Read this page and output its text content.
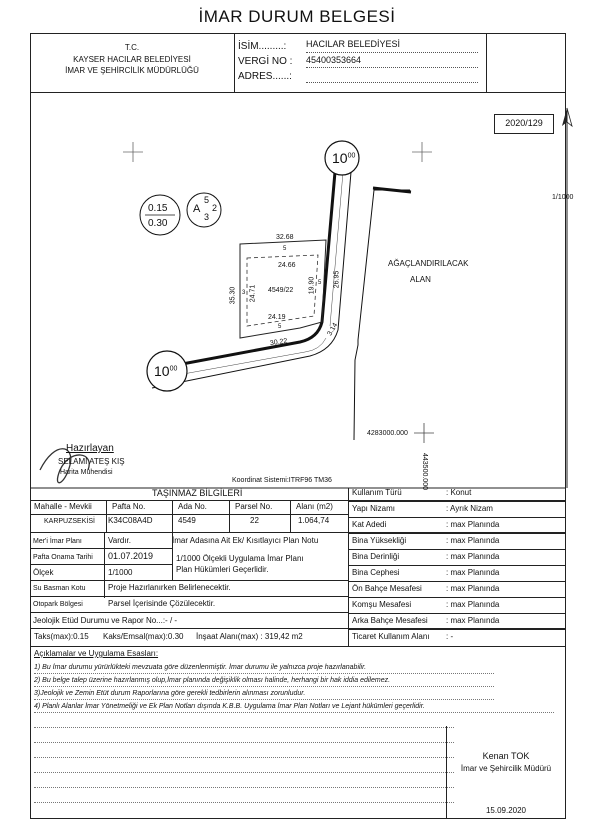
İMAR DURUM BELGESİ
T.C.
KAYSER HACILAR BELEDİYESİ
İMAR VE ŞEHİRCİLİK MÜDÜRLÜĞÜ
İSİM.........: HACILAR BELEDİYESİ
VERGİ NO : 45400353664
ADRES......:
2020/129
1/1000
$10^{00}$
$10^{00}$
0.15
0.30
A
5
3
2
AĞAÇLANDIRILACAK
ALAN
32.68
5
24.66
4549/22
35.30 3 24.71	19.90 5 26.95
24.19
5
30.22
3.14
4283000.000
443500.000
Koordinat Sistemi:ITRF96 TM36
Hazırlayan
SELAMİ ATEŞ KIŞ
Harita Mühendisi
TAŞINMAZ BİLGİLERİ
Mahalle - Mevkii	Pafta No.	Ada No.	Parsel No.	Alanı (m2)
KARPUZSEKİSİ K34C08A4D	4549	22	1.064,74
Mer'i İmar Planı	Vardır.	İmar Adasına Ait Ek/ Kısıtlayıcı Plan Notu
Pafta Onama Tarihi 01.07.2019	1/1000 Ölçekli Uygulama İmar Planı
Plan Hükümleri Geçerlidir.
Ölçek	1/1000
Su Basman Kotu	Proje Hazırlanırken Belirlenecektir.
Otopark Bölgesi	Parsel İçerisinde Çözülecektir.
Jeolojik Etüd Durumu ve Rapor No...:- / -
Taks(max):0.15 Kaks/Emsal(max):0.30 İnşaat Alanı(max) : 319,42 m2
Kullanım Türü	: Konut
Yapı Nizamı	: Ayrık Nizam
Kat Adedi	: max Planında
Bina Yüksekliği	: max Planında
Bina Derinliği	: max Planında
Bina Cephesi	: max Planında
Ön Bahçe Mesafesi	: max Planında
Komşu Mesafesi	: max Planında
Arka Bahçe Mesafesi : max Planında
Ticaret Kullanım Alanı : -
Açıklamalar ve Uygulama Esasları:
1) Bu İmar durumu yürürlükteki mevzuata göre düzenlenmiştir. İmar durumu ile yalnızca proje hazırlanabilir.
2) Bu belge talep üzerine hazırlanmış olup,İmar planında değişiklik olması halinde, herhangi bir hak iddia edilemez.
3)Jeolojik ve Zemin Etüt durum Raporlarına göre gerekli tedbirlerin alınması zorunludur.
4) Planlı Alanlar İmar Yönetmeliği ve Ek Plan Notları dışında K.B.B. Uygulama İmar Plan Notları ve Lejant hükümleri geçerlidir.
Kenan TOK
İmar ve Şehircilik Müdürü
15.09.2020
